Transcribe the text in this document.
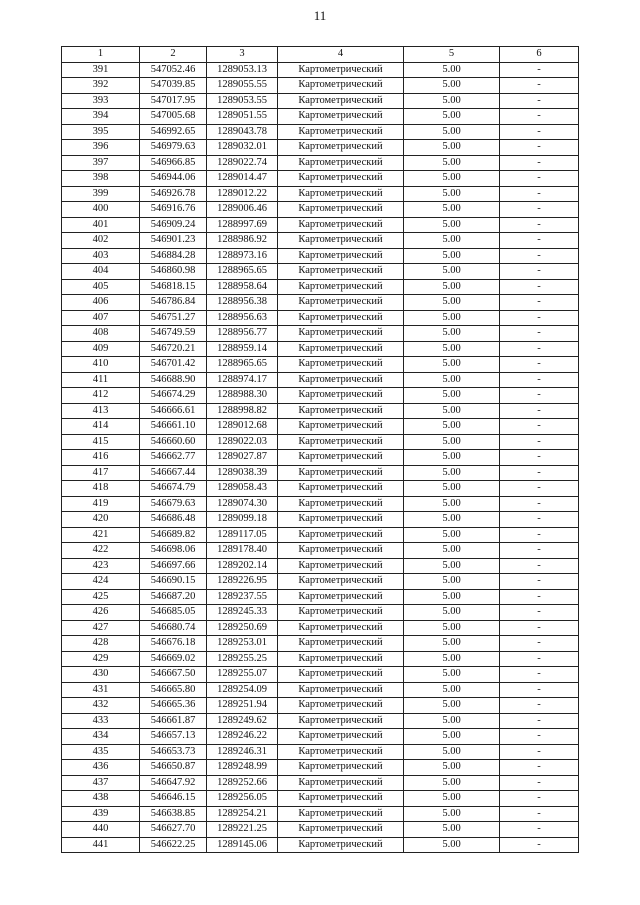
11
1	2	3	4	5	6
391	547052.46	1289053.13	Картометрический	5.00	-
392	547039.85	1289055.55	Картометрический	5.00	-
393	547017.95	1289053.55	Картометрический	5.00	-
394	547005.68	1289051.55	Картометрический	5.00	-
395	546992.65	1289043.78	Картометрический	5.00	-
396	546979.63	1289032.01	Картометрический	5.00	-
397	546966.85	1289022.74	Картометрический	5.00	-
398	546944.06	1289014.47	Картометрический	5.00	-
399	546926.78	1289012.22	Картометрический	5.00	-
400	546916.76	1289006.46	Картометрический	5.00	-
401	546909.24	1288997.69	Картометрический	5.00	-
402	546901.23	1288986.92	Картометрический	5.00	-
403	546884.28	1288973.16	Картометрический	5.00	-
404	546860.98	1288965.65	Картометрический	5.00	-
405	546818.15	1288958.64	Картометрический	5.00	-
406	546786.84	1288956.38	Картометрический	5.00	-
407	546751.27	1288956.63	Картометрический	5.00	-
408	546749.59	1288956.77	Картометрический	5.00	-
409	546720.21	1288959.14	Картометрический	5.00	-
410	546701.42	1288965.65	Картометрический	5.00	-
411	546688.90	1288974.17	Картометрический	5.00	-
412	546674.29	1288988.30	Картометрический	5.00	-
413	546666.61	1288998.82	Картометрический	5.00	-
414	546661.10	1289012.68	Картометрический	5.00	-
415	546660.60	1289022.03	Картометрический	5.00	-
416	546662.77	1289027.87	Картометрический	5.00	-
417	546667.44	1289038.39	Картометрический	5.00	-
418	546674.79	1289058.43	Картометрический	5.00	-
419	546679.63	1289074.30	Картометрический	5.00	-
420	546686.48	1289099.18	Картометрический	5.00	-
421	546689.82	1289117.05	Картометрический	5.00	-
422	546698.06	1289178.40	Картометрический	5.00	-
423	546697.66	1289202.14	Картометрический	5.00	-
424	546690.15	1289226.95	Картометрический	5.00	-
425	546687.20	1289237.55	Картометрический	5.00	-
426	546685.05	1289245.33	Картометрический	5.00	-
427	546680.74	1289250.69	Картометрический	5.00	-
428	546676.18	1289253.01	Картометрический	5.00	-
429	546669.02	1289255.25	Картометрический	5.00	-
430	546667.50	1289255.07	Картометрический	5.00	-
431	546665.80	1289254.09	Картометрический	5.00	-
432	546665.36	1289251.94	Картометрический	5.00	-
433	546661.87	1289249.62	Картометрический	5.00	-
434	546657.13	1289246.22	Картометрический	5.00	-
435	546653.73	1289246.31	Картометрический	5.00	-
436	546650.87	1289248.99	Картометрический	5.00	-
437	546647.92	1289252.66	Картометрический	5.00	-
438	546646.15	1289256.05	Картометрический	5.00	-
439	546638.85	1289254.21	Картометрический	5.00	-
440	546627.70	1289221.25	Картометрический	5.00	-
441	546622.25	1289145.06	Картометрический	5.00	-
